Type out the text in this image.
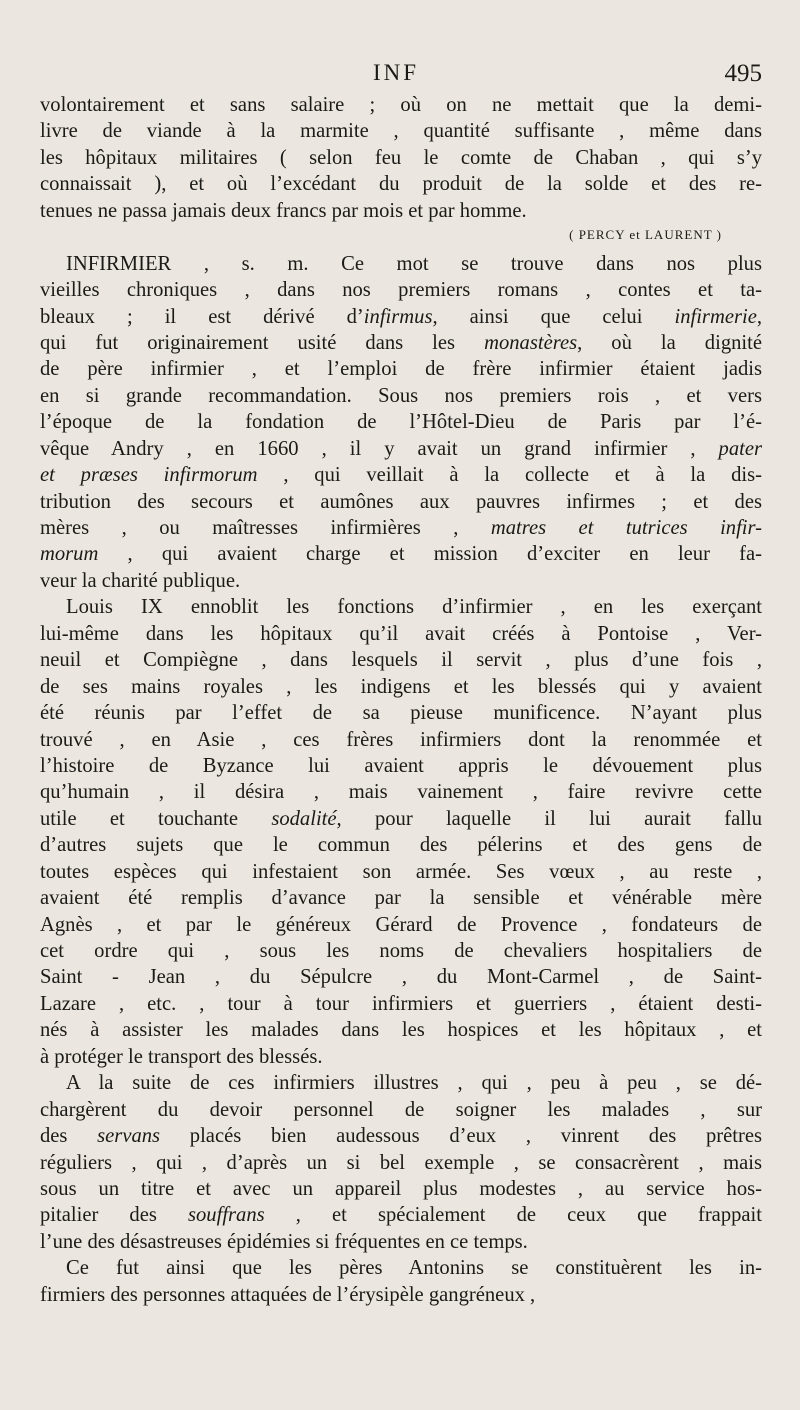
INF	495
volontairement et sans salaire ; où on ne mettait que la demi-
livre de viande à la marmite , quantité suffisante , même dans
les hôpitaux militaires ( selon feu le comte de Chaban , qui s’y
connaissait ), et où l’excédant du produit de la solde et des re-
tenues ne passa jamais deux francs par mois et par homme.
( PERCY et LAURENT )
INFIRMIER , s. m. Ce mot se trouve dans nos plus
vieilles chroniques , dans nos premiers romans , contes et ta-
bleaux ; il est dérivé d’infirmus, ainsi que celui infirmerie,
qui fut originairement usité dans les monastères, où la dignité
de père infirmier , et l’emploi de frère infirmier étaient jadis
en si grande recommandation. Sous nos premiers rois , et vers
l’époque de la fondation de l’Hôtel-Dieu de Paris par l’é-
vêque Andry , en 1660 , il y avait un grand infirmier , pater
et præses infirmorum , qui veillait à la collecte et à la dis-
tribution des secours et aumônes aux pauvres infirmes ; et des
mères , ou maîtresses infirmières , matres et tutrices infir-
morum , qui avaient charge et mission d’exciter en leur fa-
veur la charité publique.
Louis IX ennoblit les fonctions d’infirmier , en les exerçant
lui-même dans les hôpitaux qu’il avait créés à Pontoise , Ver-
neuil et Compiègne , dans lesquels il servit , plus d’une fois ,
de ses mains royales , les indigens et les blessés qui y avaient
été réunis par l’effet de sa pieuse munificence. N’ayant plus
trouvé , en Asie , ces frères infirmiers dont la renommée et
l’histoire de Byzance lui avaient appris le dévouement plus
qu’humain , il désira , mais vainement , faire revivre cette
utile et touchante sodalité, pour laquelle il lui aurait fallu
d’autres sujets que le commun des pélerins et des gens de
toutes espèces qui infestaient son armée. Ses vœux , au reste ,
avaient été remplis d’avance par la sensible et vénérable mère
Agnès , et par le généreux Gérard de Provence , fondateurs de
cet ordre qui , sous les noms de chevaliers hospitaliers de
Saint - Jean , du Sépulcre , du Mont-Carmel , de Saint-
Lazare , etc. , tour à tour infirmiers et guerriers , étaient desti-
nés à assister les malades dans les hospices et les hôpitaux , et
à protéger le transport des blessés.
A la suite de ces infirmiers illustres , qui , peu à peu , se dé-
chargèrent du devoir personnel de soigner les malades , sur
des servans placés bien audessous d’eux , vinrent des prêtres
réguliers , qui , d’après un si bel exemple , se consacrèrent , mais
sous un titre et avec un appareil plus modestes , au service hos-
pitalier des souffrans , et spécialement de ceux que frappait
l’une des désastreuses épidémies si fréquentes en ce temps.
Ce fut ainsi que les pères Antonins se constituèrent les in-
firmiers des personnes attaquées de l’érysipèle gangréneux ,
